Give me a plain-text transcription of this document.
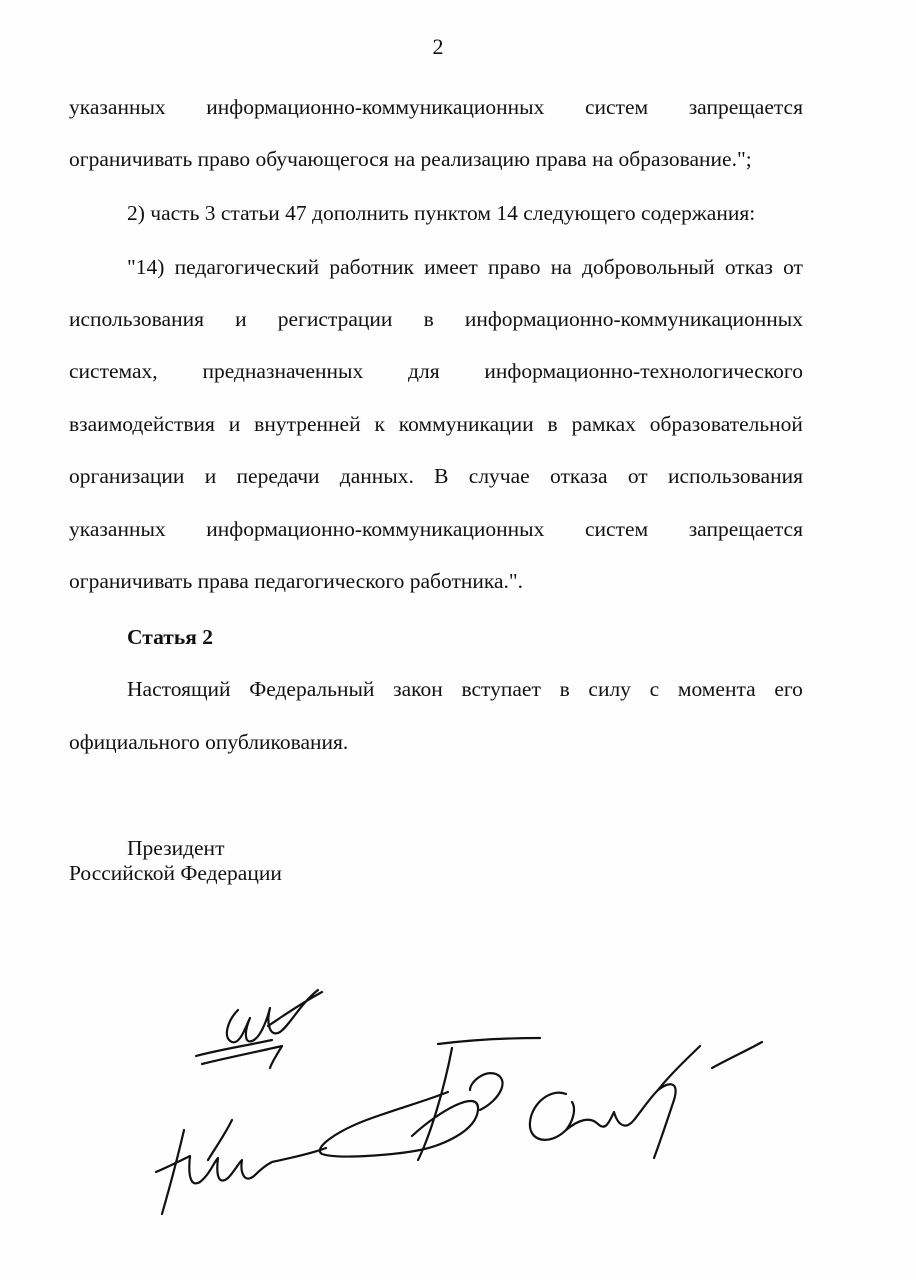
2
указанных информационно-коммуникационных систем запрещается
ограничивать право обучающегося на реализацию права на образование.";
2) часть 3 статьи 47 дополнить пунктом 14 следующего содержания:
"14) педагогический работник имеет право на добровольный отказ от
использования и регистрации в информационно-коммуникационных
системах, предназначенных для информационно-технологического
взаимодействия и внутренней к коммуникации в рамках образовательной
организации и передачи данных. В случае отказа от использования
указанных информационно-коммуникационных систем запрещается
ограничивать права педагогического работника.".
Статья 2
Настоящий Федеральный закон вступает в силу с момента его
официального опубликования.
Президент
Российской Федерации
